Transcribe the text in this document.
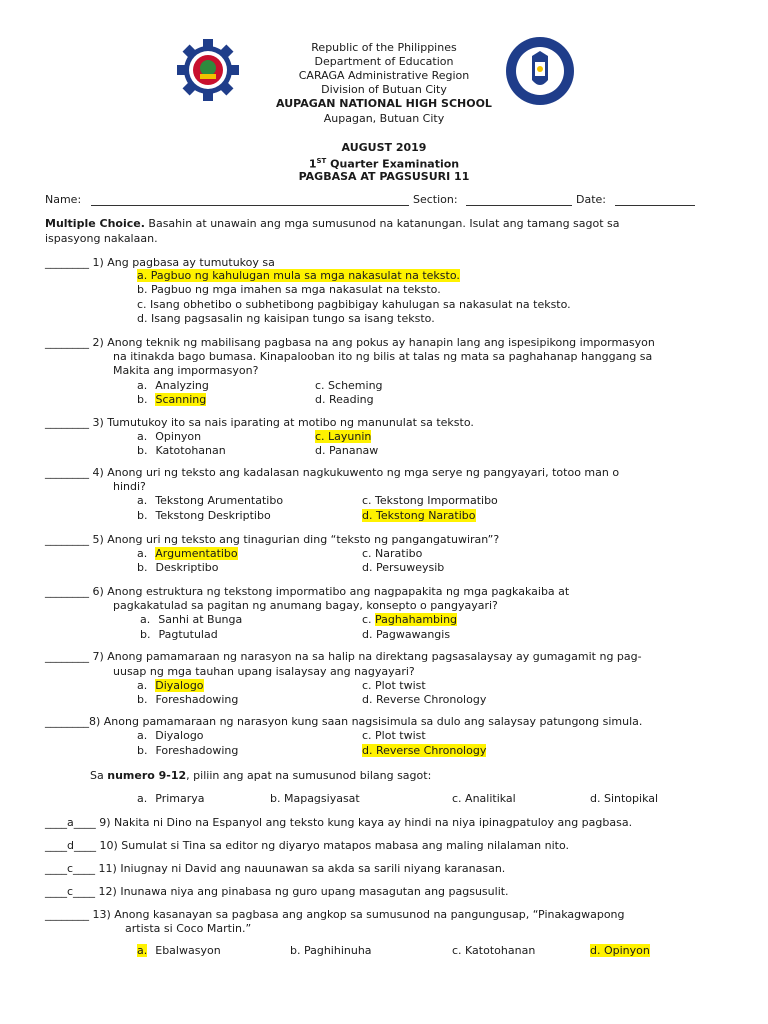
Republic of the Philippines
Department of Education
CARAGA Administrative Region
Division of Butuan City
AUPAGAN NATIONAL HIGH SCHOOL
Aupagan, Butuan City
AUGUST 2019
1ST Quarter Examination
PAGBASA AT PAGSUSURI 11
Name:	Section:	Date:
Multiple Choice. Basahin at unawain ang mga sumusunod na katanungan. Isulat ang tamang sagot sa
ispasyong nakalaan.
________ 1) Ang pagbasa ay tumutukoy sa
a. Pagbuo ng kahulugan mula sa mga nakasulat na teksto.
b. Pagbuo ng mga imahen sa mga nakasulat na teksto.
c. Isang obhetibo o subhetibong pagbibigay kahulugan sa nakasulat na teksto.
d. Isang pagsasalin ng kaisipan tungo sa isang teksto.
________ 2) Anong teknik ng mabilisang pagbasa na ang pokus ay hanapin lang ang ispesipikong impormasyon
na itinakda bago bumasa. Kinapalooban ito ng bilis at talas ng mata sa paghahanap hanggang sa
Makita ang impormasyon?
a. Analyzing	c. Scheming
b. Scanning	d. Reading
________ 3) Tumutukoy ito sa nais iparating at motibo ng manunulat sa teksto.
a. Opinyon	c. Layunin
b. Katotohanan	d. Pananaw
________ 4) Anong uri ng teksto ang kadalasan nagkukuwento ng mga serye ng pangyayari, totoo man o
hindi?
a. Tekstong Arumentatibo	c. Tekstong Impormatibo
b. Tekstong Deskriptibo	d. Tekstong Naratibo
________ 5) Anong uri ng teksto ang tinagurian ding “teksto ng pangangatuwiran”?
a. Argumentatibo	c. Naratibo
b. Deskriptibo	d. Persuweysib
________ 6) Anong estruktura ng tekstong impormatibo ang nagpapakita ng mga pagkakaiba at
pagkakatulad sa pagitan ng anumang bagay, konsepto o pangyayari?
a. Sanhi at Bunga	c. Paghahambing
b. Pagtutulad	d. Pagwawangis
________ 7) Anong pamamaraan ng narasyon na sa halip na direktang pagsasalaysay ay gumagamit ng pag-
uusap ng mga tauhan upang isalaysay ang nagyayari?
a. Diyalogo	c. Plot twist
b. Foreshadowing	d. Reverse Chronology
________8) Anong pamamaraan ng narasyon kung saan nagsisimula sa dulo ang salaysay patungong simula.
a. Diyalogo	c. Plot twist
b. Foreshadowing	d. Reverse Chronology
Sa numero 9-12, piliin ang apat na sumusunod bilang sagot:
a. Primarya	b. Mapagsiyasat	c. Analitikal	d. Sintopikal
____a____ 9) Nakita ni Dino na Espanyol ang teksto kung kaya ay hindi na niya ipinagpatuloy ang pagbasa.
____d____ 10) Sumulat si Tina sa editor ng diyaryo matapos mabasa ang maling nilalaman nito.
____c____ 11) Iniugnay ni David ang nauunawan sa akda sa sarili niyang karanasan.
____c____ 12) Inunawa niya ang pinabasa ng guro upang masagutan ang pagsusulit.
________ 13) Anong kasanayan sa pagbasa ang angkop sa sumusunod na pangungusap, “Pinakagwapong
artista si Coco Martin.”
a. Ebalwasyon	b. Paghihinuha	c. Katotohanan	d. Opinyon
